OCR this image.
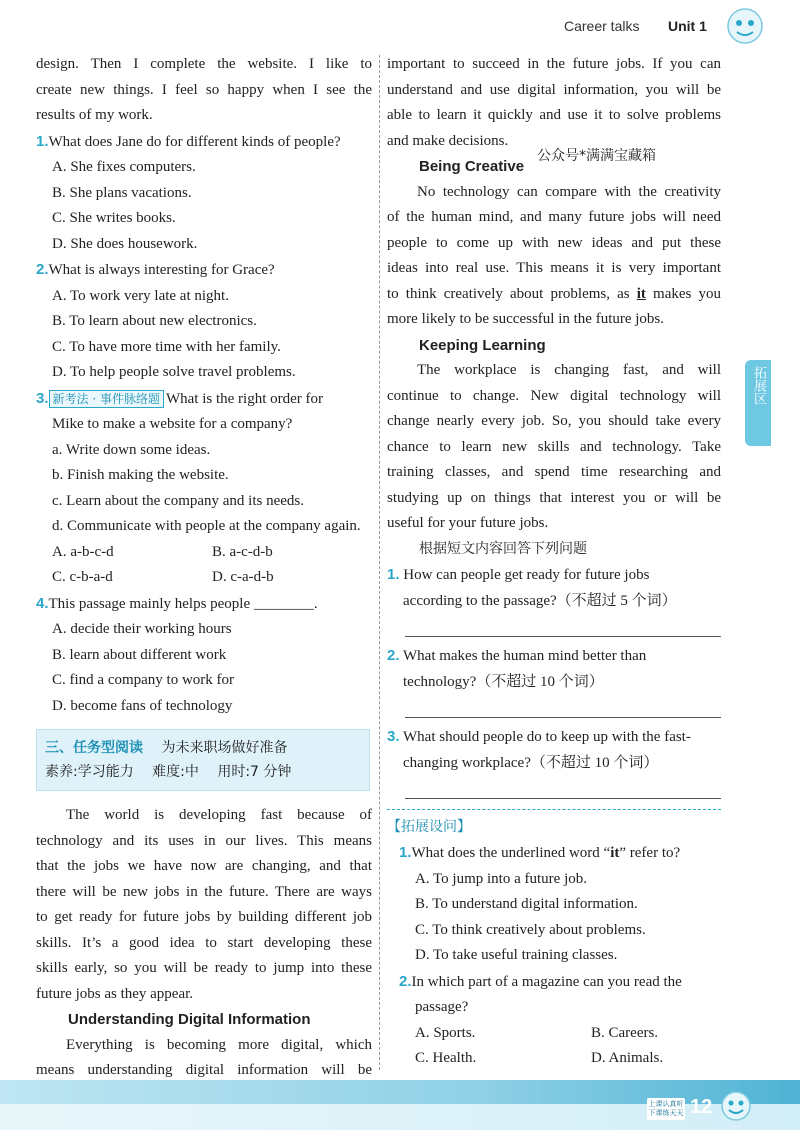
Career talks Unit 1

design. Then I complete the website. I like to

create new things. I feel so happy when I see the

results of my work.

1.What does Jane do for different kinds of people?

A. She fixes computers.

B. She plans vacations.

C. She writes books.

D. She does housework.

2.What is always interesting for Grace?

A. To work very late at night.

B. To learn about new electronics.

C. To have more time with her family.

D. To help people solve travel problems.

3. 新考法 · 事件脉络题 What is the right order for

Mike to make a website for a company?

a. Write down some ideas.

b. Finish making the website.

c. Learn about the company and its needs.

d. Communicate with people at the company again.

A. a-b-c-d	B. a-c-d-b
C. c-b-a-d	D. c-a-d-b

4.This passage mainly helps people ________.

A. decide their working hours

B. learn about different work

C. find a company to work for

D. become fans of technology

三、任务型阅读 为未来职场做好准备
素养:学习能力 难度:中 用时:7 分钟

The world is developing fast because of

technology and its uses in our lives. This means

that the jobs we have now are changing, and that

there will be new jobs in the future. There are ways

to get ready for future jobs by building different job

skills. It’s a good idea to start developing these

skills early, so you will be ready to jump into these

future jobs as they appear.

Understanding Digital Information

Everything is becoming more digital, which

means understanding digital information will be

important to succeed in the future jobs. If you can

understand and use digital information, you will be

able to learn it quickly and use it to solve problems

and make decisions.

公众号*满满宝藏箱

Being Creative

No technology can compare with the creativity

of the human mind, and many future jobs will need

people to come up with new ideas and put these

ideas into real use. This means it is very important

to think creatively about problems, as it makes you

more likely to be successful in the future jobs.

Keeping Learning

The workplace is changing fast, and will

continue to change. New digital technology will

change nearly every job. So, you should take every

chance to learn new skills and technology. Take

training classes, and spend time researching and

studying up on things that interest you or will be

useful for your future jobs.

根据短文内容回答下列问题

1. How can people get ready for future jobs

according to the passage?（不超过 5 个词）

2. What makes the human mind better than

technology?（不超过 10 个词）

3. What should people do to keep up with the fast-

changing workplace?（不超过 10 个词）

【拓展设问】

1.What does the underlined word “it” refer to?

A. To jump into a future job.

B. To understand digital information.

C. To think creatively about problems.

D. To take useful training classes.

2.In which part of a magazine can you read the

passage?

A. Sports.	B. Careers.
C. Health.	D. Animals.
拓展区
上课认真听 下课练天天 12
